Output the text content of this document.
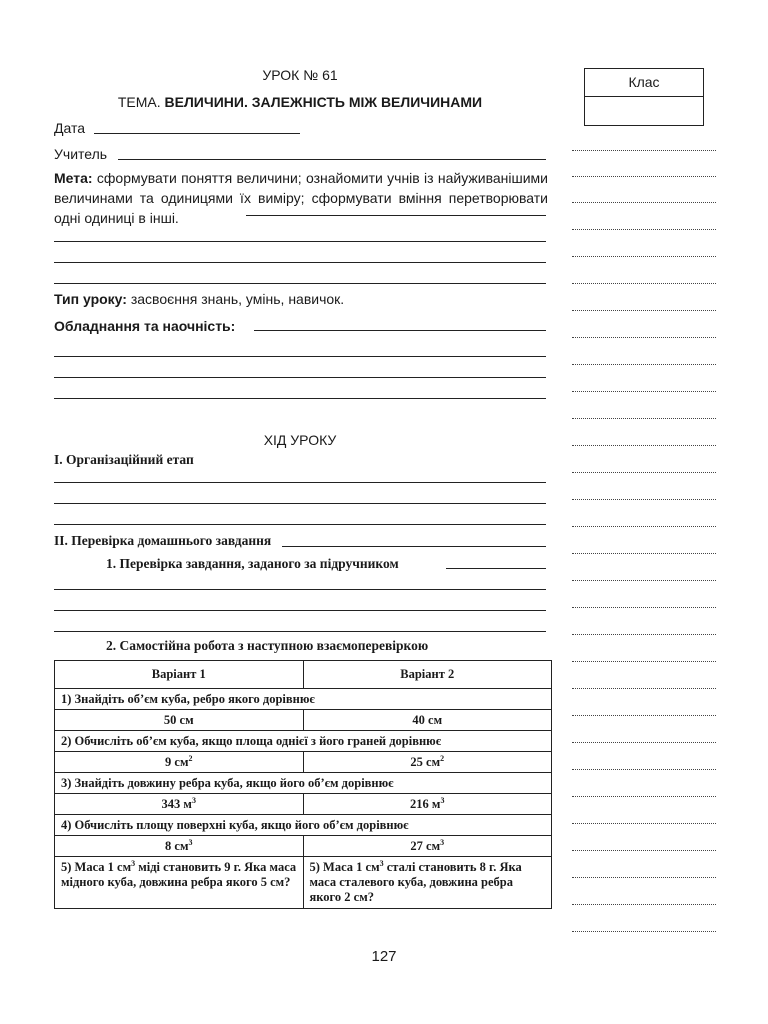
УРОК № 61
ТЕМА. ВЕЛИЧИНИ. ЗАЛЕЖНІСТЬ МІЖ ВЕЛИЧИНАМИ
Дата
Учитель
Мета: сформувати поняття величини; ознайомити учнів із найуживанішими величинами та одиницями їх виміру; сформувати вміння перетворювати одні одиниці в інші.
Тип уроку: засвоєння знань, умінь, навичок.
Обладнання та наочність:
Клас
ХІД УРОКУ
I. Організаційний етап
II. Перевірка домашнього завдання
1. Перевірка завдання, заданого за підручником
2. Самостійна робота з наступною взаємоперевіркою
Варіант 1	Варіант 2
1) Знайдіть об’єм куба, ребро якого дорівнює	
50 см	40 см
2) Обчисліть об’єм куба, якщо площа однієї з його граней дорівнює	
9 $см^2$	25 $см^2$
3) Знайдіть довжину ребра куба, якщо його об’єм дорівнює	
343 $м^3$	216 $м^3$
4) Обчисліть площу поверхні куба, якщо його об’єм дорівнює	
8 $см^3$	27 $см^3$
5) Маса 1 $см^3$ міді становить 9 г. Яка маса мідного куба, довжина ребра якого 5 см?	5) Маса 1 $см^3$ сталі становить 8 г. Яка маса сталевого куба, довжина ребра якого 2 см?
127
